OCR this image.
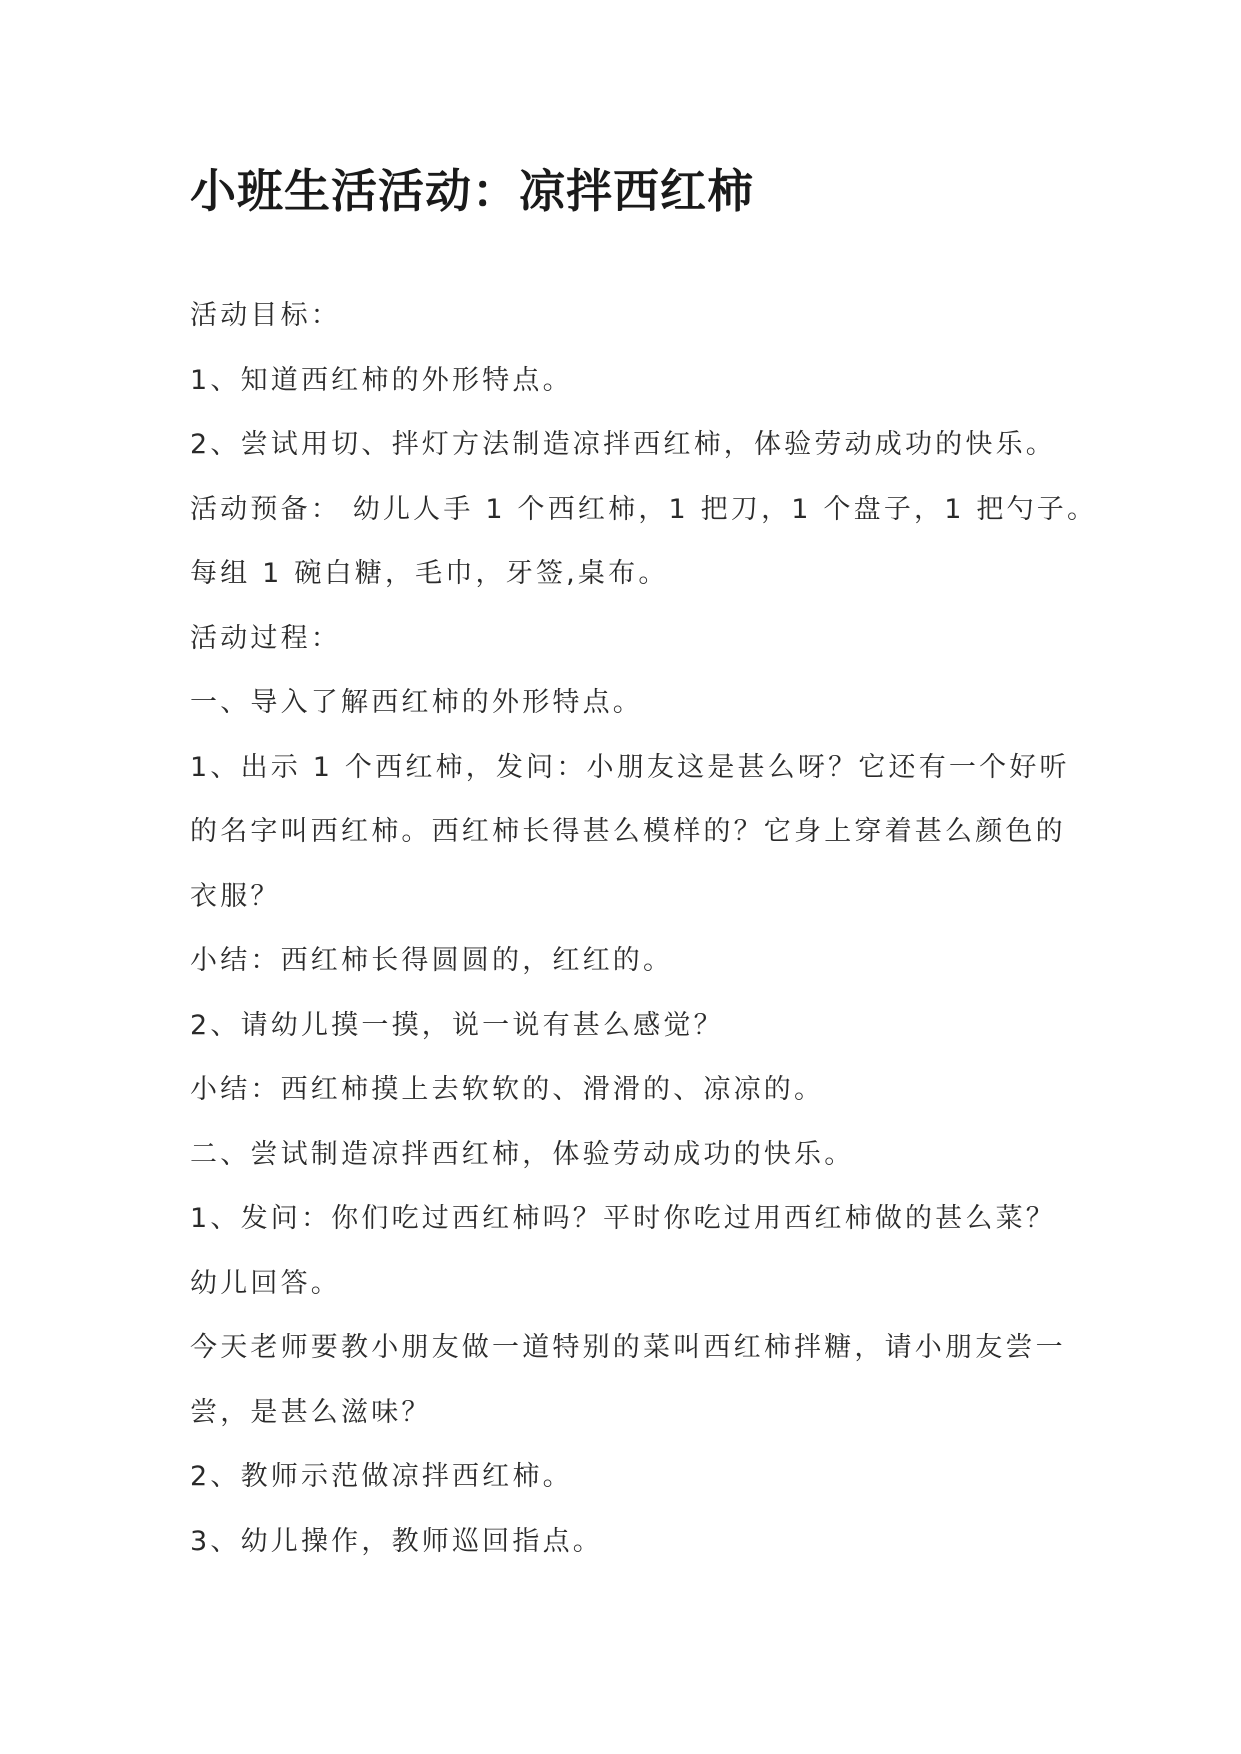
小班生活活动：凉拌西红柿

活动目标：

1、知道西红柿的外形特点。

2、尝试用切、拌灯方法制造凉拌西红柿，体验劳动成功的快乐。

活动预备： 幼儿人手 1 个西红柿，1 把刀，1 个盘子，1 把勺子。

每组 1 碗白糖，毛巾，牙签,桌布。

活动过程：

一、导入了解西红柿的外形特点。

1、出示 1 个西红柿，发问：小朋友这是甚么呀？它还有一个好听

的名字叫西红柿。西红柿长得甚么模样的？它身上穿着甚么颜色的

衣服？

小结：西红柿长得圆圆的，红红的。

2、请幼儿摸一摸，说一说有甚么感觉？

小结：西红柿摸上去软软的、滑滑的、凉凉的。

二、尝试制造凉拌西红柿，体验劳动成功的快乐。

1、发问：你们吃过西红柿吗？平时你吃过用西红柿做的甚么菜？

幼儿回答。

今天老师要教小朋友做一道特别的菜叫西红柿拌糖，请小朋友尝一

尝，是甚么滋味？

2、教师示范做凉拌西红柿。

3、幼儿操作，教师巡回指点。
